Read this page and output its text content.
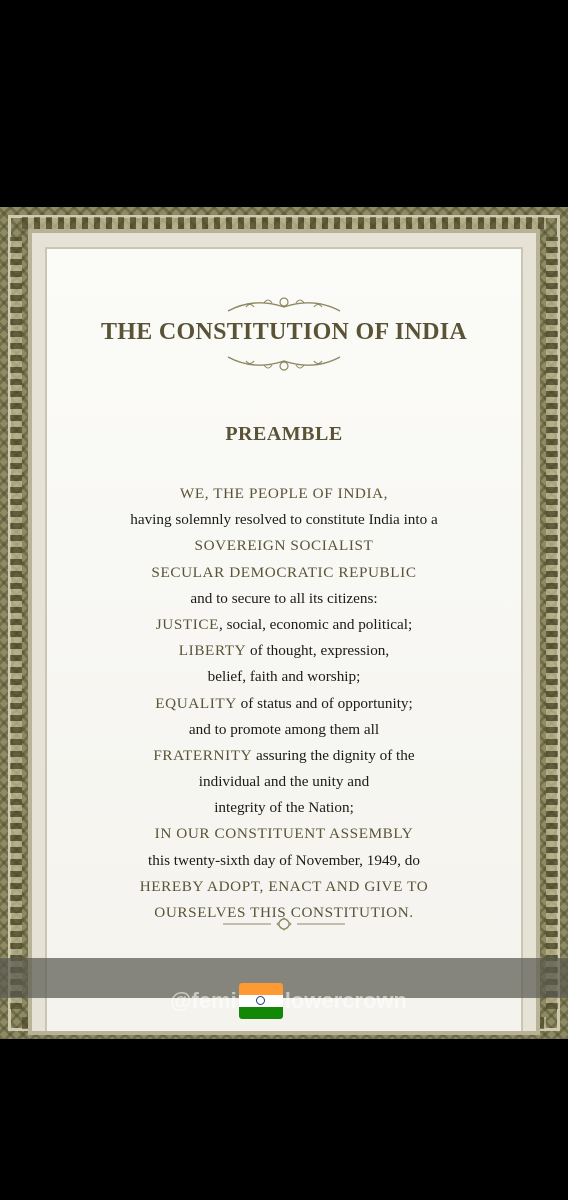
THE CONSTITUTION OF INDIA
PREAMBLE
WE, THE PEOPLE OF INDIA,
having solemnly resolved to constitute India into a
SOVEREIGN SOCIALIST
SECULAR DEMOCRATIC REPUBLIC
and to secure to all its citizens:
JUSTICE, social, economic and political;
LIBERTY of thought, expression,
belief, faith and worship;
EQUALITY of status and of opportunity;
and to promote among them all
FRATERNITY assuring the dignity of the
individual and the unity and
integrity of the Nation;
IN OUR CONSTITUENT ASSEMBLY
this twenty-sixth day of November, 1949, do
HEREBY ADOPT, ENACT AND GIVE TO
OURSELVES THIS CONSTITUTION.
@femi lowercrown
